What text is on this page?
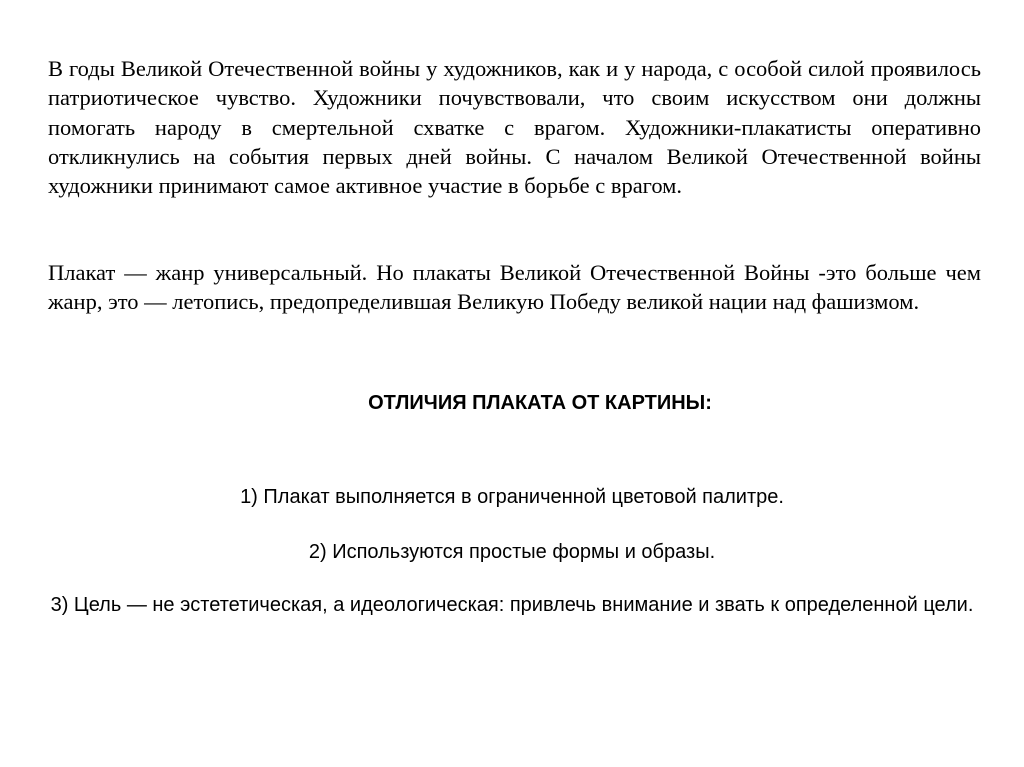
В годы Великой Отечественной войны у художников, как и у народа, с особой силой проявилось патриотическое чувство. Художники почувствовали, что своим искусством они должны помогать народу в смертельной схватке с врагом. Художники-плакатисты оперативно откликнулись на события первых дней войны. С началом Великой Отечественной войны художники принимают самое активное участие в борьбе с врагом.

Плакат — жанр универсальный. Но плакаты Великой Отечественной Войны -это больше чем жанр, это — летопись, предопределившая Великую Победу великой нации над фашизмом.

ОТЛИЧИЯ ПЛАКАТА ОТ КАРТИНЫ:

1) Плакат выполняется в ограниченной цветовой палитре.

2) Используются простые формы и образы.

3) Цель — не эстететическая, а идеологическая: привлечь внимание и звать к определенной цели.
